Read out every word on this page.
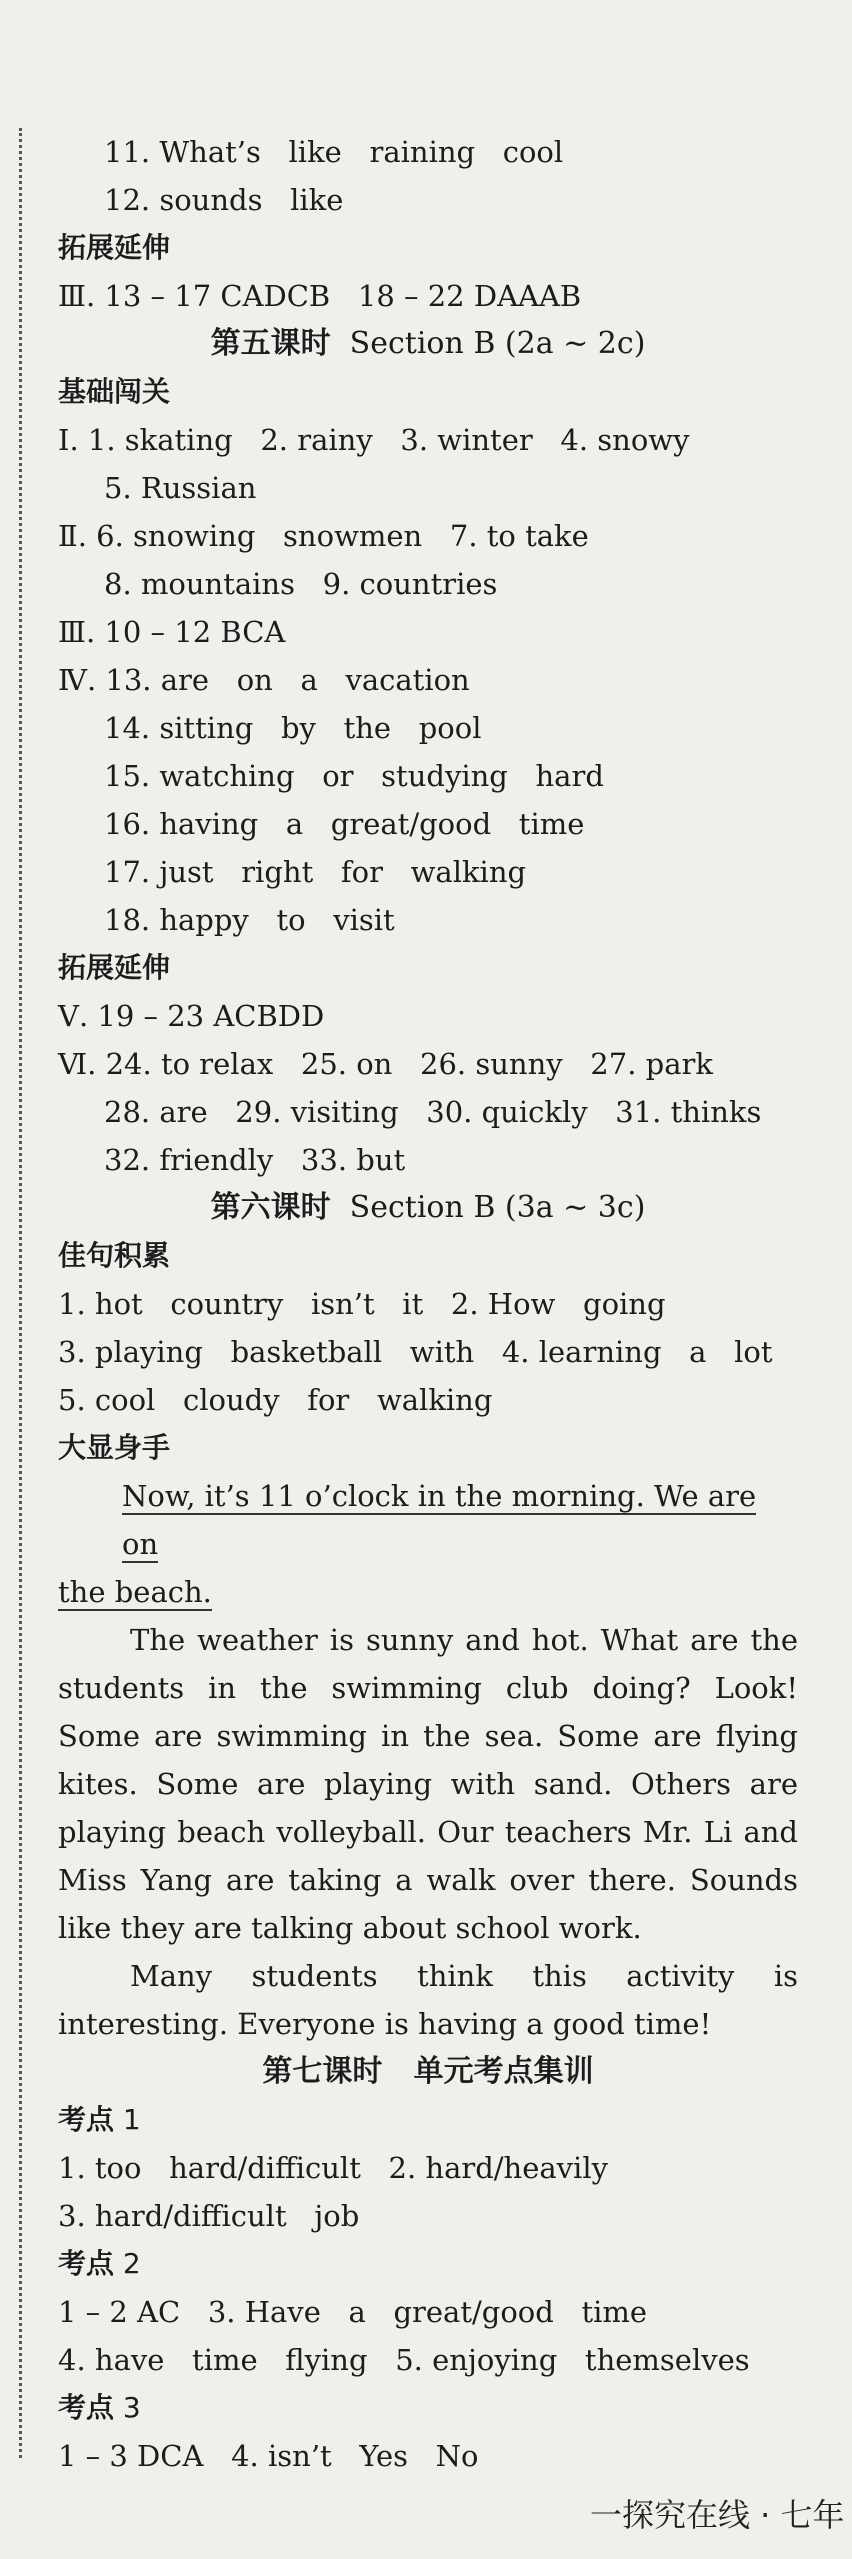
11. What’s   like   raining   cool
12. sounds   like
拓展延伸
Ⅲ. 13 – 17 CADCB   18 – 22 DAAAB
第五课时  Section B (2a ~ 2c)
基础闯关
Ⅰ. 1. skating   2. rainy   3. winter   4. snowy
5. Russian
Ⅱ. 6. snowing   snowmen   7. to take
8. mountains   9. countries
Ⅲ. 10 – 12 BCA
Ⅳ. 13. are   on   a   vacation
14. sitting   by   the   pool
15. watching   or   studying   hard
16. having   a   great/good   time
17. just   right   for   walking
18. happy   to   visit
拓展延伸
Ⅴ. 19 – 23 ACBDD
Ⅵ. 24. to relax   25. on   26. sunny   27. park
28. are   29. visiting   30. quickly   31. thinks
32. friendly   33. but
第六课时  Section B (3a ~ 3c)
佳句积累
1. hot   country   isn’t   it   2. How   going
3. playing   basketball   with   4. learning   a   lot
5. cool   cloudy   for   walking
大显身手
Now, it’s 11 o’clock in the morning. We are on
the beach.
The weather is sunny and hot. What are the students in the swimming club doing? Look! Some are swimming in the sea. Some are flying kites. Some are playing with sand. Others are playing beach volleyball. Our teachers Mr. Li and Miss Yang are taking a walk over there. Sounds like they are talking about school work.
Many students think this activity is interesting. Everyone is having a good time!
第七课时   单元考点集训
考点 1
1. too   hard/difficult   2. hard/heavily
3. hard/difficult   job
考点 2
1 – 2 AC   3. Have   a   great/good   time
4. have   time   flying   5. enjoying   themselves
考点 3
1 – 3 DCA   4. isn’t   Yes   No
一探究在线 · 七年
